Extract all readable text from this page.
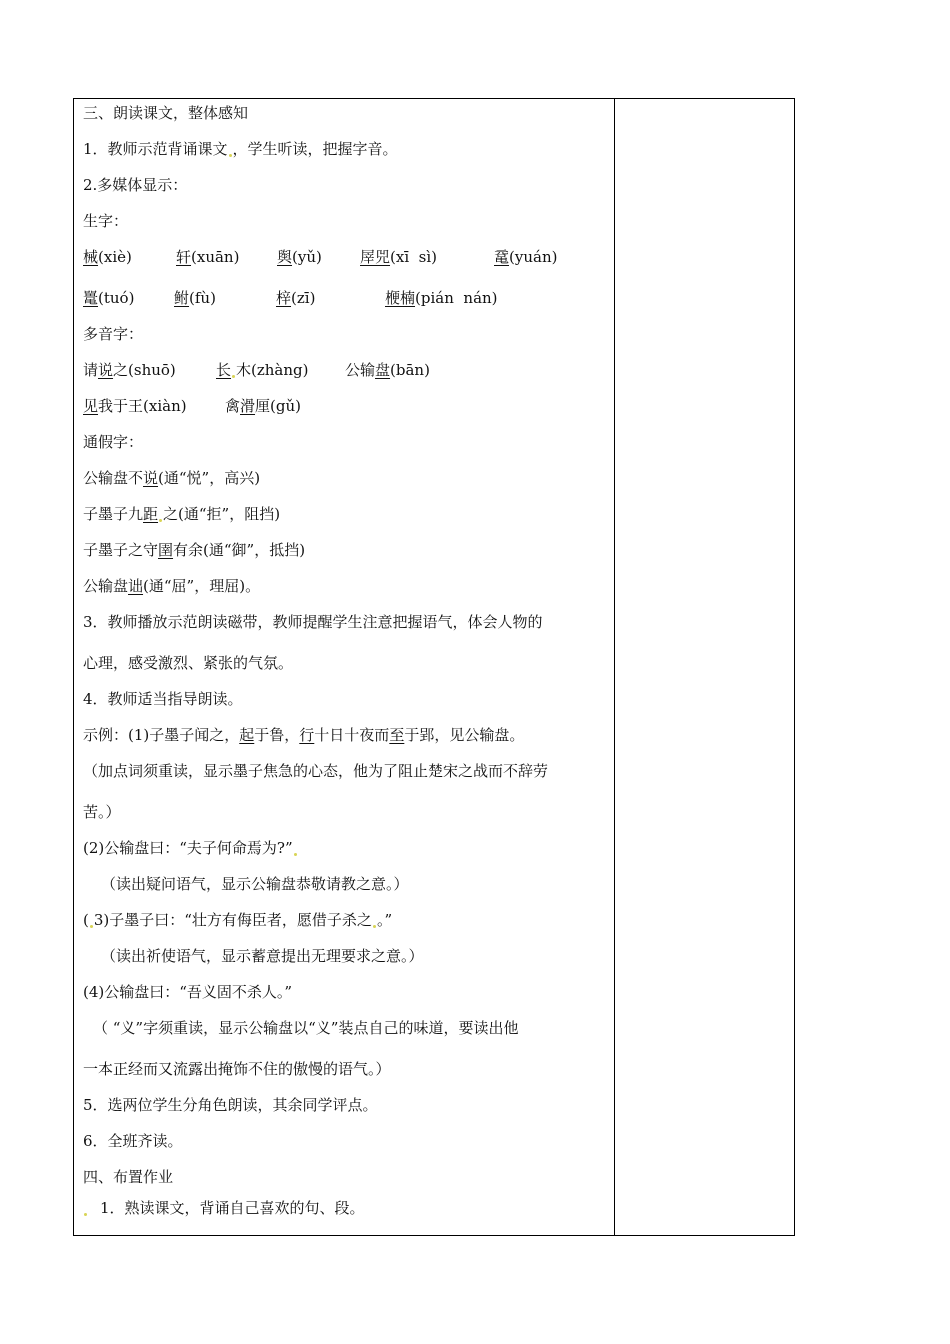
三、朗读课文，整体感知
1．教师示范背诵课文 ，学生听读，把握字音。
2.多媒体显示：
生字：
械(xiè)	轩(xuān)	舆(yǔ)	屖兕(xī  sì)	鼋(yuán)
鼍(tuó)	鲋(fù)	梓(zī)	楩楠(pián  nán)
多音字：
请说之(shuō)	长 木(zhàng) 公输盘(bān)
见我于王(xiàn)	禽滑厘(gǔ)
通假字：
公输盘不说(通“悦”，高兴)
子墨子九距 之(通“拒”，阻挡)
子墨子之守圉有余(通“御”，抵挡)
公输盘诎(通“屈”，理屈)。
3．教师播放示范朗读磁带，教师提醒学生注意把握语气，体会人物的
心理，感受激烈、紧张的气氛。
4．教师适当指导朗读。
示例：(1)子墨子闻之，起于鲁，行十日十夜而至于郢，见公输盘。
（加点词须重读，显示墨子焦急的心态，他为了阻止楚宋之战而不辞劳
苦。）
(2)公输盘曰：“夫子何命焉为?”
（读出疑问语气，显示公输盘恭敬请教之意。）
( 3)子墨子曰：“壮方有侮臣者，愿借子杀之 。”
（读出祈使语气，显示蓄意提出无理要求之意。）
(4)公输盘曰：“吾义固不杀人。”
（ “义”字须重读，显示公输盘以“义”装点自己的味道，要读出他
一本正经而又流露出掩饰不住的傲慢的语气。）
5．选两位学生分角色朗读，其余同学评点。
6．全班齐读。
四、布置作业
1．熟读课文，背诵自己喜欢的句、段。
